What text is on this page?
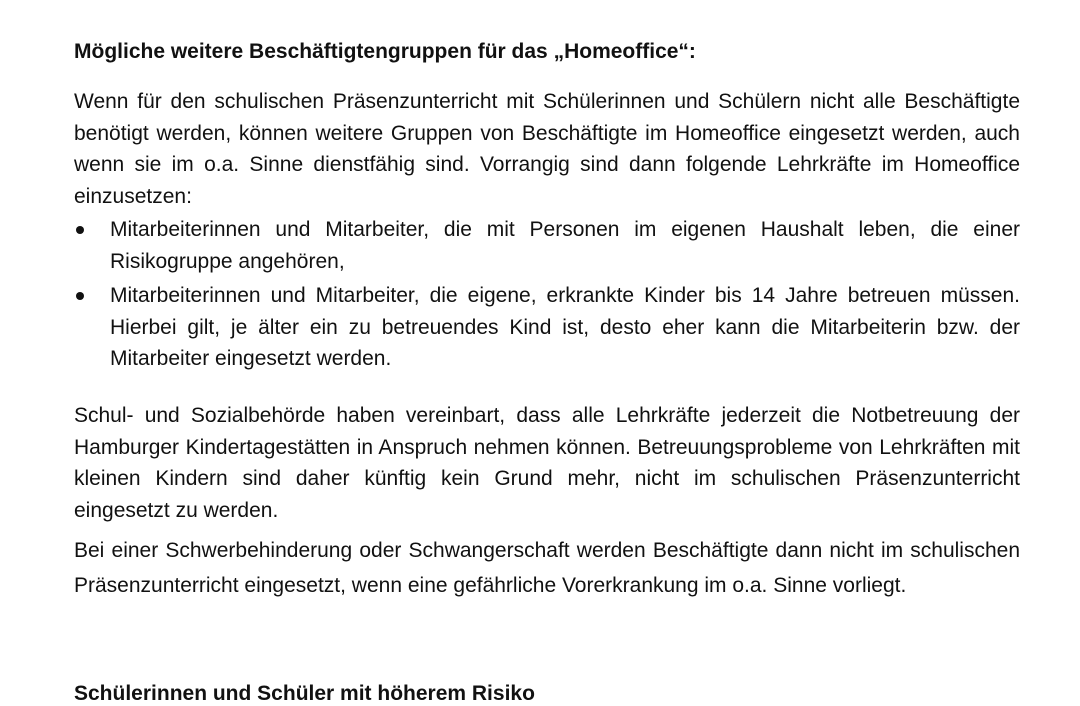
Mögliche weitere Beschäftigtengruppen für das „Homeoffice“:

Wenn für den schulischen Präsenzunterricht mit Schülerinnen und Schülern nicht alle Beschäftigte benötigt werden, können weitere Gruppen von Beschäftigte im Homeoffice eingesetzt werden, auch wenn sie im o.a. Sinne dienstfähig sind. Vorrangig sind dann folgende Lehrkräfte im Homeoffice einzusetzen:

Mitarbeiterinnen und Mitarbeiter, die mit Personen im eigenen Haushalt leben, die einer Risikogruppe angehören,
Mitarbeiterinnen und Mitarbeiter, die eigene, erkrankte Kinder bis 14 Jahre betreuen müssen. Hierbei gilt, je älter ein zu betreuendes Kind ist, desto eher kann die Mitarbeiterin bzw. der Mitarbeiter eingesetzt werden.

Schul- und Sozialbehörde haben vereinbart, dass alle Lehrkräfte jederzeit die Notbetreuung der Hamburger Kindertagestätten in Anspruch nehmen können. Betreuungsprobleme von Lehrkräften mit kleinen Kindern sind daher künftig kein Grund mehr, nicht im schulischen Präsenzunterricht eingesetzt zu werden.

Bei einer Schwerbehinderung oder Schwangerschaft werden Beschäftigte dann nicht im schulischen Präsenzunterricht eingesetzt, wenn eine gefährliche Vorerkrankung im o.a. Sinne vorliegt.

Schülerinnen und Schüler mit höherem Risiko
